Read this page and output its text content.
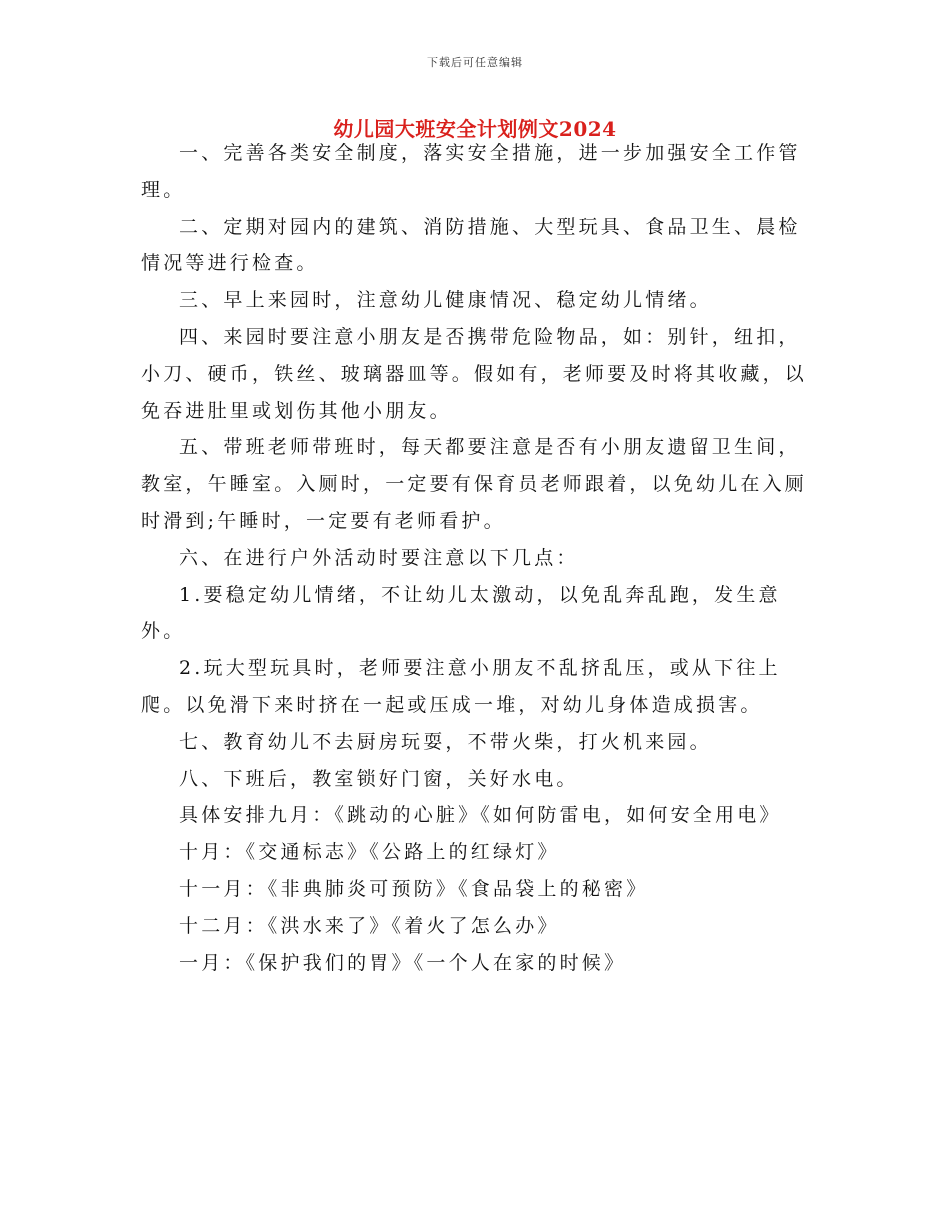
下载后可任意编辑
幼儿园大班安全计划例文2024

一、完善各类安全制度，落实安全措施，进一步加强安全工作管理。

二、定期对园内的建筑、消防措施、大型玩具、食品卫生、晨检情况等进行检查。

三、早上来园时，注意幼儿健康情况、稳定幼儿情绪。

四、来园时要注意小朋友是否携带危险物品，如：别针，纽扣，小刀、硬币，铁丝、玻璃器皿等。假如有，老师要及时将其收藏，以免吞进肚里或划伤其他小朋友。

五、带班老师带班时，每天都要注意是否有小朋友遗留卫生间，教室，午睡室。入厕时，一定要有保育员老师跟着，以免幼儿在入厕时滑到;午睡时，一定要有老师看护。

六、在进行户外活动时要注意以下几点：

1.要稳定幼儿情绪，不让幼儿太激动，以免乱奔乱跑，发生意外。

2.玩大型玩具时，老师要注意小朋友不乱挤乱压，或从下往上爬。以免滑下来时挤在一起或压成一堆，对幼儿身体造成损害。

七、教育幼儿不去厨房玩耍，不带火柴，打火机来园。

八、下班后，教室锁好门窗，关好水电。

具体安排九月：《跳动的心脏》《如何防雷电，如何安全用电》

十月：《交通标志》《公路上的红绿灯》

十一月：《非典肺炎可预防》《食品袋上的秘密》

十二月：《洪水来了》《着火了怎么办》

一月：《保护我们的胃》《一个人在家的时候》
